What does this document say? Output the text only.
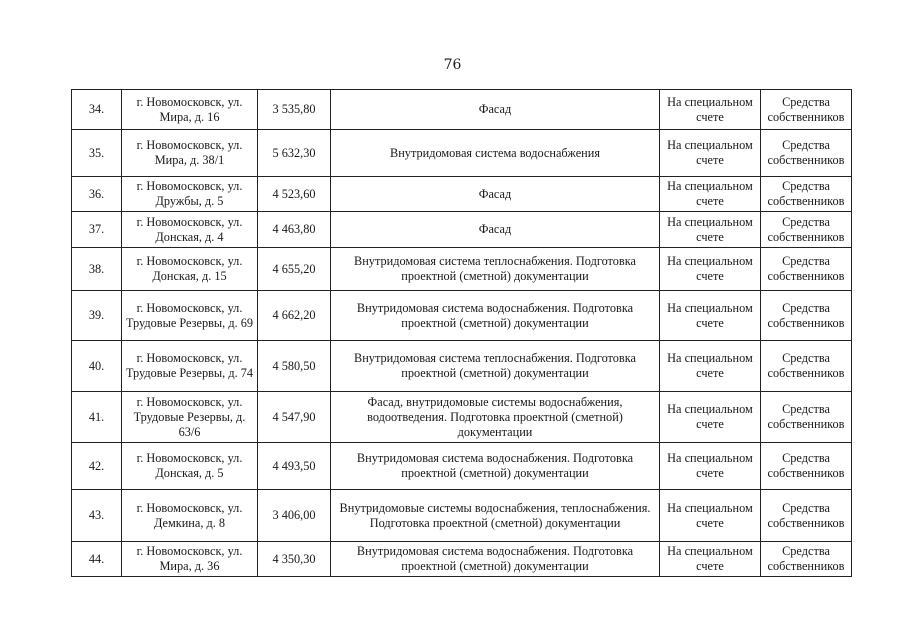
76
34.	г. Новомосковск, ул. Мира, д. 16	3 535,80	Фасад	На специальном счете	Средства собственников
35.	г. Новомосковск, ул. Мира, д. 38/1	5 632,30	Внутридомовая система водоснабжения	На специальном счете	Средства собственников
36.	г. Новомосковск, ул. Дружбы, д. 5	4 523,60	Фасад	На специальном счете	Средства собственников
37.	г. Новомосковск, ул. Донская, д. 4	4 463,80	Фасад	На специальном счете	Средства собственников
38.	г. Новомосковск, ул. Донская, д. 15	4 655,20	Внутридомовая система теплоснабжения. Подготовка проектной (сметной) документации	На специальном счете	Средства собственников
39.	г. Новомосковск, ул. Трудовые Резервы, д. 69	4 662,20	Внутридомовая система водоснабжения. Подготовка проектной (сметной) документации	На специальном счете	Средства собственников
40.	г. Новомосковск, ул. Трудовые Резервы, д. 74	4 580,50	Внутридомовая система теплоснабжения. Подготовка проектной (сметной) документации	На специальном счете	Средства собственников
41.	г. Новомосковск, ул. Трудовые Резервы, д. 63/6	4 547,90	Фасад, внутридомовые системы водоснабжения, водоотведения. Подготовка проектной (сметной) документации	На специальном счете	Средства собственников
42.	г. Новомосковск, ул. Донская, д. 5	4 493,50	Внутридомовая система водоснабжения. Подготовка проектной (сметной) документации	На специальном счете	Средства собственников
43.	г. Новомосковск, ул. Демкина, д. 8	3 406,00	Внутридомовые системы водоснабжения, теплоснабжения. Подготовка проектной (сметной) документации	На специальном счете	Средства собственников
44.	г. Новомосковск, ул. Мира, д. 36	4 350,30	Внутридомовая система водоснабжения. Подготовка проектной (сметной) документации	На специальном счете	Средства собственников
